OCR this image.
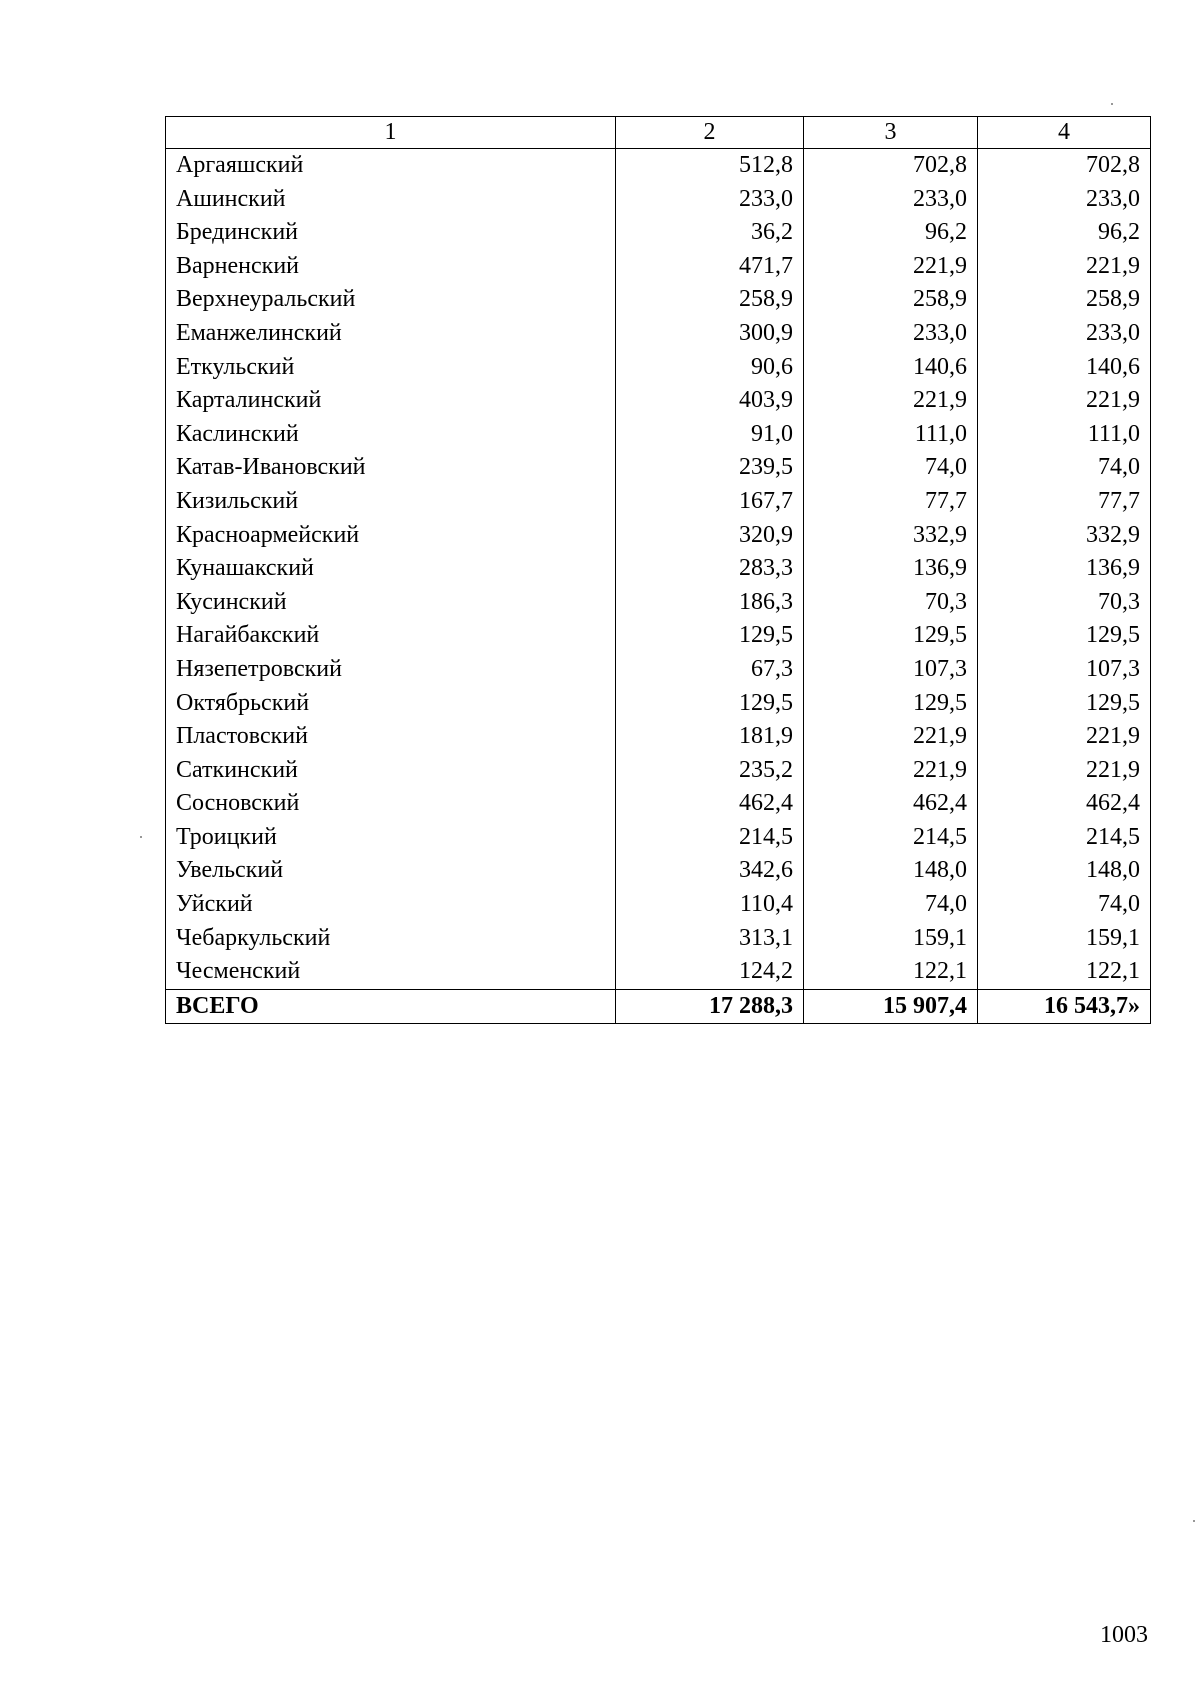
1	2	3	4
Аргаяшский	512,8	702,8	702,8
Ашинский	233,0	233,0	233,0
Брединский	36,2	96,2	96,2
Варненский	471,7	221,9	221,9
Верхнеуральский	258,9	258,9	258,9
Еманжелинский	300,9	233,0	233,0
Еткульский	90,6	140,6	140,6
Карталинский	403,9	221,9	221,9
Каслинский	91,0	111,0	111,0
Катав-Ивановский	239,5	74,0	74,0
Кизильский	167,7	77,7	77,7
Красноармейский	320,9	332,9	332,9
Кунашакский	283,3	136,9	136,9
Кусинский	186,3	70,3	70,3
Нагайбакский	129,5	129,5	129,5
Нязепетровский	67,3	107,3	107,3
Октябрьский	129,5	129,5	129,5
Пластовский	181,9	221,9	221,9
Саткинский	235,2	221,9	221,9
Сосновский	462,4	462,4	462,4
Троицкий	214,5	214,5	214,5
Увельский	342,6	148,0	148,0
Уйский	110,4	74,0	74,0
Чебаркульский	313,1	159,1	159,1
Чесменский	124,2	122,1	122,1
ВСЕГО	17 288,3	15 907,4	16 543,7»
1003
